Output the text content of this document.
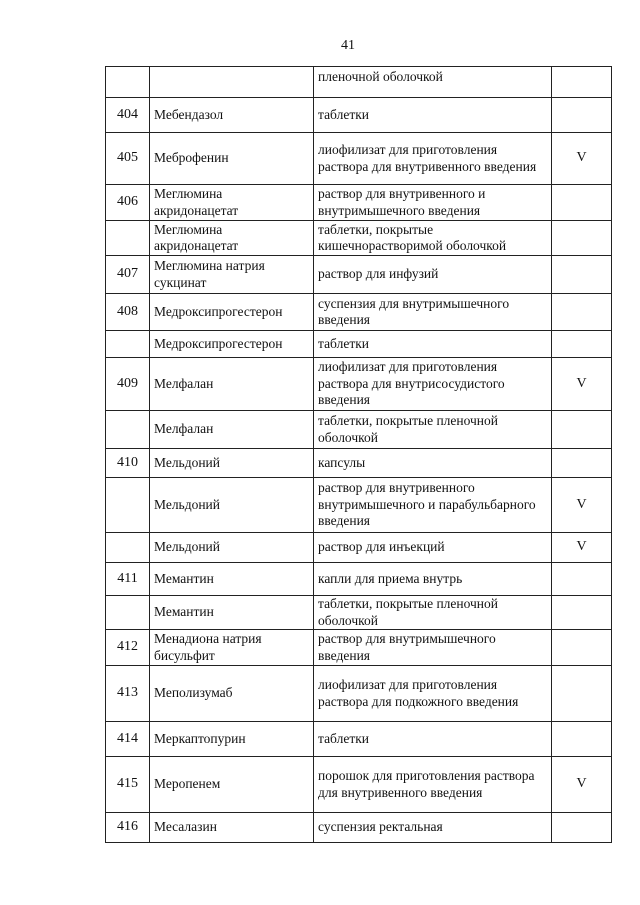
41
		пленочной оболочкой	
404	Мебендазол	таблетки	
405	Меброфенин	лиофилизат для приготовления раствора для внутривенного введения	V
406	Меглюмина акридонацетат	раствор для внутривенного и внутримышечного введения	
	Меглюмина акридонацетат	таблетки, покрытые кишечнорастворимой оболочкой	
407	Меглюмина натрия сукцинат	раствор для инфузий	
408	Медроксипрогестерон	суспензия для внутримышечного введения	
	Медроксипрогестерон	таблетки	
409	Мелфалан	лиофилизат для приготовления раствора для внутрисосудистого введения	V
	Мелфалан	таблетки, покрытые пленочной оболочкой	
410	Мельдоний	капсулы	
	Мельдоний	раствор для внутривенного внутримышечного и парабульбарного введения	V
	Мельдоний	раствор для инъекций	V
411	Мемантин	капли для приема внутрь	
	Мемантин	таблетки, покрытые пленочной оболочкой	
412	Менадиона натрия бисульфит	раствор для внутримышечного введения	
413	Меполизумаб	лиофилизат для приготовления раствора для подкожного введения	
414	Меркаптопурин	таблетки	
415	Меропенем	порошок для приготовления раствора для внутривенного введения	V
416	Месалазин	суспензия ректальная	
